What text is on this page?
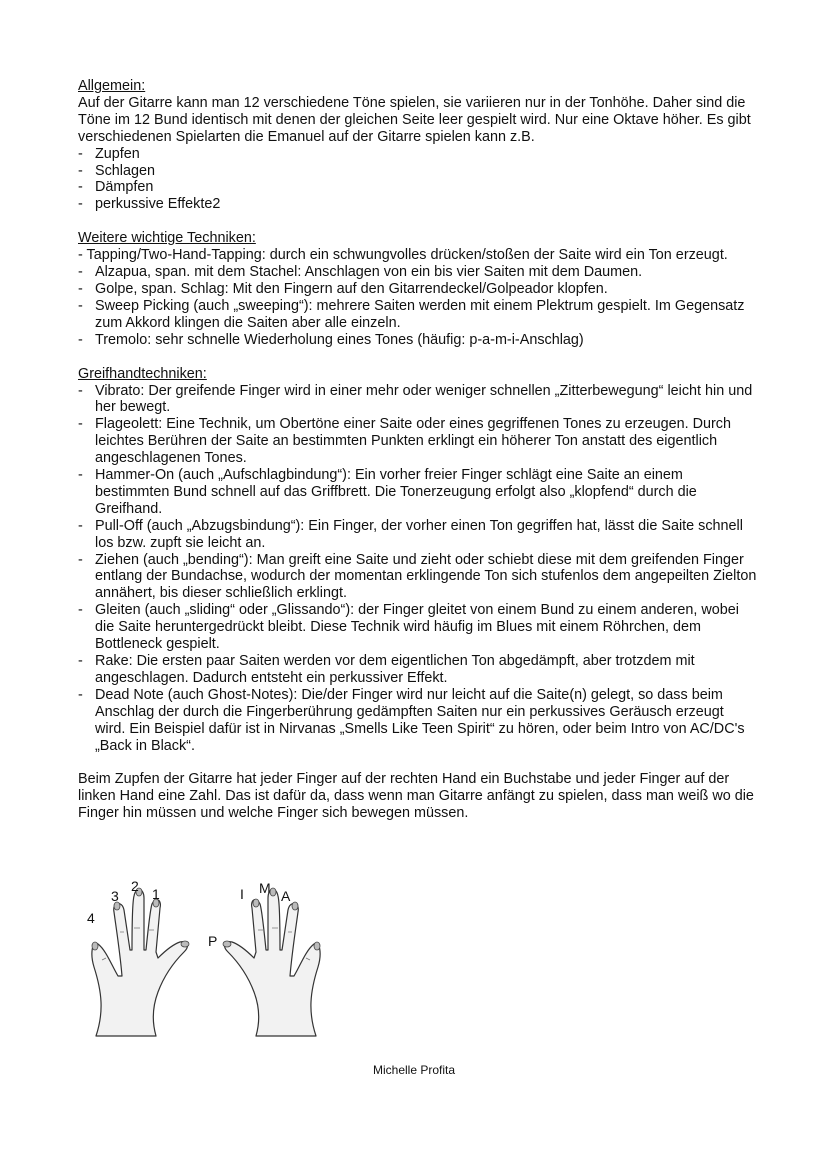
Allgemein:

Auf der Gitarre kann man 12 verschiedene Töne spielen, sie variieren nur in der Tonhöhe. Daher sind die Töne im 12 Bund identisch mit denen der gleichen Seite leer gespielt wird. Nur eine Oktave höher. Es gibt verschiedenen Spielarten die Emanuel auf der Gitarre spielen kann z.B.

- Zupfen
- Schlagen
- Dämpfen
- perkussive Effekte2
Weitere wichtige Techniken:

- Tapping/Two-Hand-Tapping: durch ein schwungvolles drücken/stoßen der Saite wird ein Ton erzeugt.

- Alzapua, span. mit dem Stachel: Anschlagen von ein bis vier Saiten mit dem Daumen.
- Golpe, span. Schlag: Mit den Fingern auf den Gitarrendeckel/Golpeador klopfen.
- Sweep Picking (auch „sweeping“): mehrere Saiten werden mit einem Plektrum gespielt. Im Gegensatz zum Akkord klingen die Saiten aber alle einzeln.
- Tremolo: sehr schnelle Wiederholung eines Tones (häufig: p-a-m-i-Anschlag)
Greifhandtechniken:
- Vibrato: Der greifende Finger wird in einer mehr oder weniger schnellen „Zitterbewegung“ leicht hin und her bewegt.
- Flageolett: Eine Technik, um Obertöne einer Saite oder eines gegriffenen Tones zu erzeugen. Durch leichtes Berühren der Saite an bestimmten Punkten erklingt ein höherer Ton anstatt des eigentlich angeschlagenen Tones.
- Hammer-On (auch „Aufschlagbindung“): Ein vorher freier Finger schlägt eine Saite an einem bestimmten Bund schnell auf das Griffbrett. Die Tonerzeugung erfolgt also „klopfend“ durch die Greifhand.
- Pull-Off (auch „Abzugsbindung“): Ein Finger, der vorher einen Ton gegriffen hat, lässt die Saite schnell los bzw. zupft sie leicht an.
- Ziehen (auch „bending“): Man greift eine Saite und zieht oder schiebt diese mit dem greifenden Finger entlang der Bundachse, wodurch der momentan erklingende Ton sich stufenlos dem angepeilten Zielton annähert, bis dieser schließlich erklingt.
- Gleiten (auch „sliding“ oder „Glissando“): der Finger gleitet von einem Bund zu einem anderen, wobei die Saite heruntergedrückt bleibt. Diese Technik wird häufig im Blues mit einem Röhrchen, dem Bottleneck gespielt.
- Rake: Die ersten paar Saiten werden vor dem eigentlichen Ton abgedämpft, aber trotzdem mit angeschlagen. Dadurch entsteht ein perkussiver Effekt.
- Dead Note (auch Ghost-Notes): Die/der Finger wird nur leicht auf die Saite(n) gelegt, so dass beim Anschlag der durch die Fingerberührung gedämpften Saiten nur ein perkussives Geräusch erzeugt wird. Ein Beispiel dafür ist in Nirvanas „Smells Like Teen Spirit“ zu hören, oder beim Intro von AC/DC's „Back in Black“.

Beim Zupfen der Gitarre hat jeder Finger auf der rechten Hand ein Buchstabe und jeder Finger auf der linken Hand eine Zahl. Das ist dafür da, dass wenn man Gitarre anfängt zu spielen, dass man weiß wo die Finger hin müssen und welche Finger sich bewegen müssen.

4
3
2 1
P
I M A
Michelle Profita
